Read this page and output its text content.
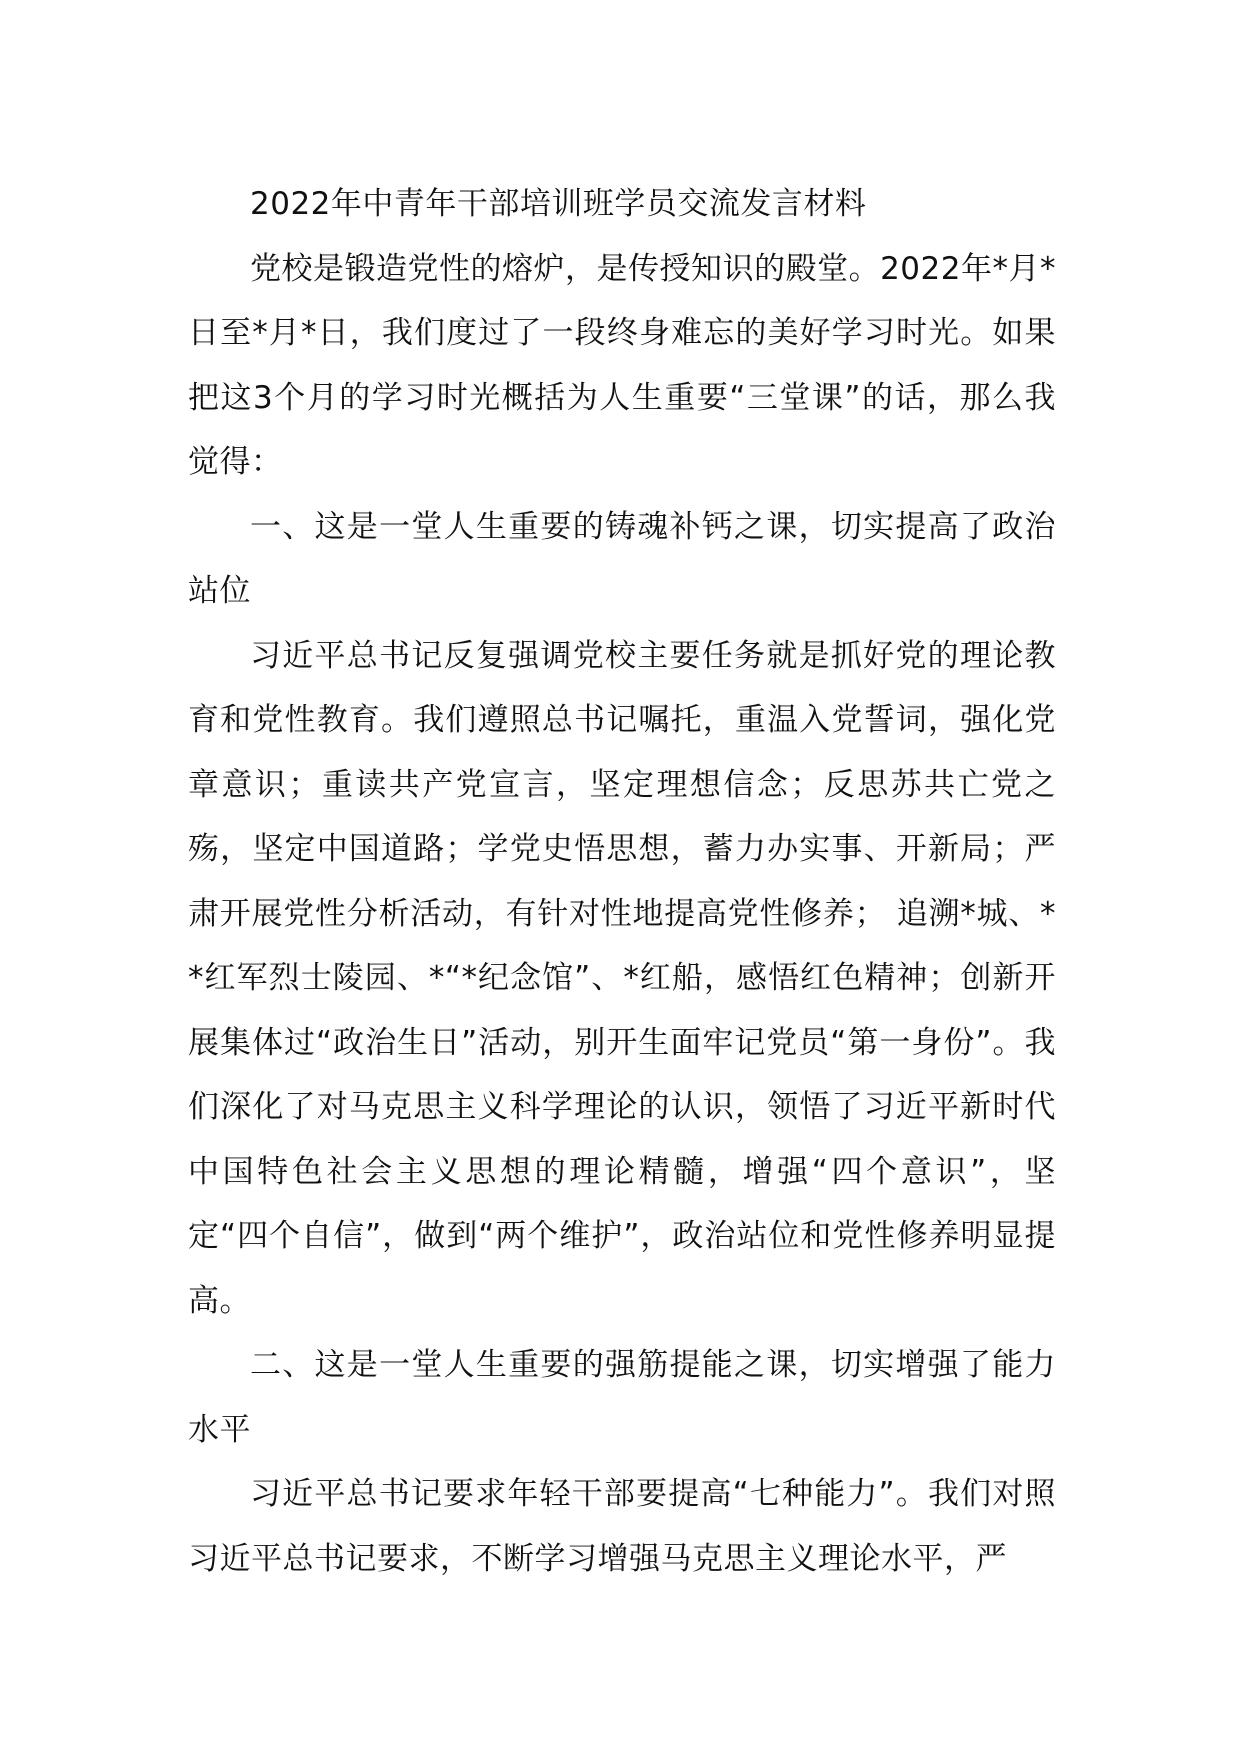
2022年中青年干部培训班学员交流发言材料

党校是锻造党性的熔炉，是传授知识的殿堂。2022年*月*日至*月*日，我们度过了一段终身难忘的美好学习时光。如果把这3个月的学习时光概括为人生重要“三堂课”的话，那么我觉得：

一、这是一堂人生重要的铸魂补钙之课，切实提高了政治站位

习近平总书记反复强调党校主要任务就是抓好党的理论教育和党性教育。我们遵照总书记嘱托，重温入党誓词，强化党章意识；重读共产党宣言，坚定理想信念；反思苏共亡党之殇，坚定中国道路；学党史悟思想，蓄力办实事、开新局；严肃开展党性分析活动，有针对性地提高党性修养； 追溯*城、**红军烈士陵园、*“*纪念馆”、*红船，感悟红色精神；创新开展集体过“政治生日”活动，别开生面牢记党员“第一身份”。我们深化了对马克思主义科学理论的认识，领悟了习近平新时代中国特色社会主义思想的理论精髓，增强“四个意识”，坚定“四个自信”，做到“两个维护”，政治站位和党性修养明显提高。

二、这是一堂人生重要的强筋提能之课，切实增强了能力水平

习近平总书记要求年轻干部要提高“七种能力”。我们对照习近平总书记要求，不断学习增强马克思主义理论水平，严
